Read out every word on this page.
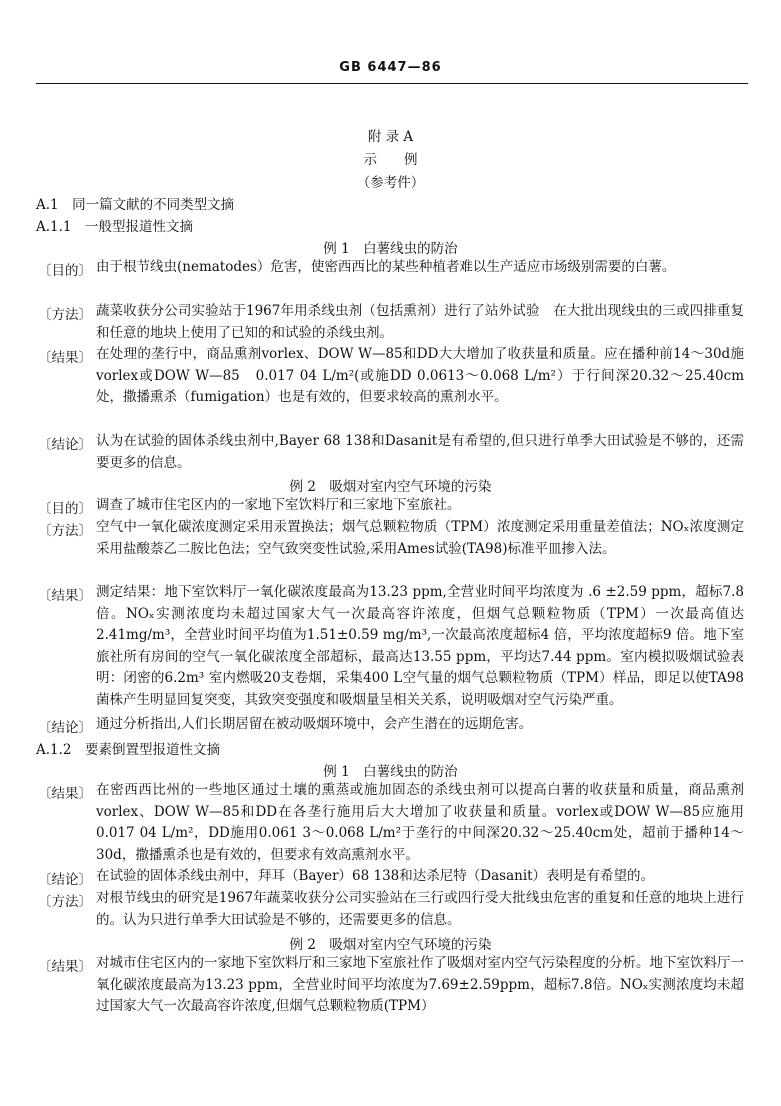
GB 6447—86
附 录 A
示　　例
（参考件）
A.1　同一篇文献的不同类型文摘
A.1.1　一般型报道性文摘
例 1　白薯线虫的防治
〔目的〕 由于根节线虫(nematodes）危害，使密西西比的某些种植者难以生产适应市场级别需要的白薯。
〔方法〕 蔬菜收获分公司实验站于1967年用杀线虫剂（包括熏剂）进行了站外试验　在大批出现线虫的三或四排重复和任意的地块上使用了已知的和试验的杀线虫剂。
〔结果〕 在处理的垄行中，商品熏剂vorlex、DOW W—85和DD大大增加了收获量和质量。应在播种前14～30d施vorlex或DOW W—85　0.017 04 L/m²(或施DD 0.0613～0.068 L/m²）于行间深20.32～25.40cm 处，撒播熏杀（fumigation）也是有效的，但要求较高的熏剂水平。
〔结论〕 认为在试验的固体杀线虫剂中,Bayer 68 138和Dasanit是有希望的,但只进行单季大田试验是不够的，还需要更多的信息。
例 2　吸烟对室内空气环境的污染
〔目的〕 调查了城市住宅区内的一家地下室饮料厅和三家地下室旅社。
〔方法〕 空气中一氧化碳浓度测定采用汞置换法；烟气总颗粒物质（TPM）浓度测定采用重量差值法；NOₓ浓度测定采用盐酸萘乙二胺比色法；空气致突变性试验,采用Ames试验(TA98)标准平皿掺入法。
〔结果〕 测定结果：地下室饮料厅一氧化碳浓度最高为13.23 ppm,全营业时间平均浓度为 .6 ±2.59 ppm，超标7.8倍。NOₓ实测浓度均未超过国家大气一次最高容许浓度，但烟气总颗粒物质（TPM）一次最高值达2.41mg/m³，全营业时间平均值为1.51±0.59 mg/m³,一次最高浓度超标4 倍，平均浓度超标9 倍。地下室旅社所有房间的空气一氧化碳浓度全部超标，最高达13.55 ppm，平均达7.44 ppm。室内模拟吸烟试验表明：闭密的6.2m³ 室内燃吸20支卷烟，采集400 L空气量的烟气总颗粒物质（TPM）样品，即足以使TA98菌株产生明显回复突变，其致突变强度和吸烟量呈相关关系，说明吸烟对空气污染严重。
〔结论〕 通过分析指出,人们长期居留在被动吸烟环境中，会产生潜在的远期危害。
A.1.2　要素倒置型报道性文摘
例 1　白薯线虫的防治
〔结果〕 在密西西比州的一些地区通过土壤的熏蒸或施加固态的杀线虫剂可以提高白薯的收获量和质量，商品熏剂vorlex、DOW W—85和DD在各垄行施用后大大增加了收获量和质量。vorlex或DOW W—85应施用0.017 04 L/m²，DD施用0.061 3～0.068 L/m²于垄行的中间深20.32～25.40cm处，超前于播种14～30d，撒播熏杀也是有效的，但要求有效高熏剂水平。
〔结论〕 在试验的固体杀线虫剂中，拜耳（Bayer）68 138和达杀尼特（Dasanit）表明是有希望的。
〔方法〕 对根节线虫的研究是1967年蔬菜收获分公司实验站在三行或四行受大批线虫危害的重复和任意的地块上进行的。认为只进行单季大田试验是不够的，还需要更多的信息。
例 2　吸烟对室内空气环境的污染
〔结果〕 对城市住宅区内的一家地下室饮料厅和三家地下室旅社作了吸烟对室内空气污染程度的分析。地下室饮料厅一氧化碳浓度最高为13.23 ppm，全营业时间平均浓度为7.69±2.59ppm，超标7.8倍。NOₓ实测浓度均未超过国家大气一次最高容许浓度,但烟气总颗粒物质(TPM）
